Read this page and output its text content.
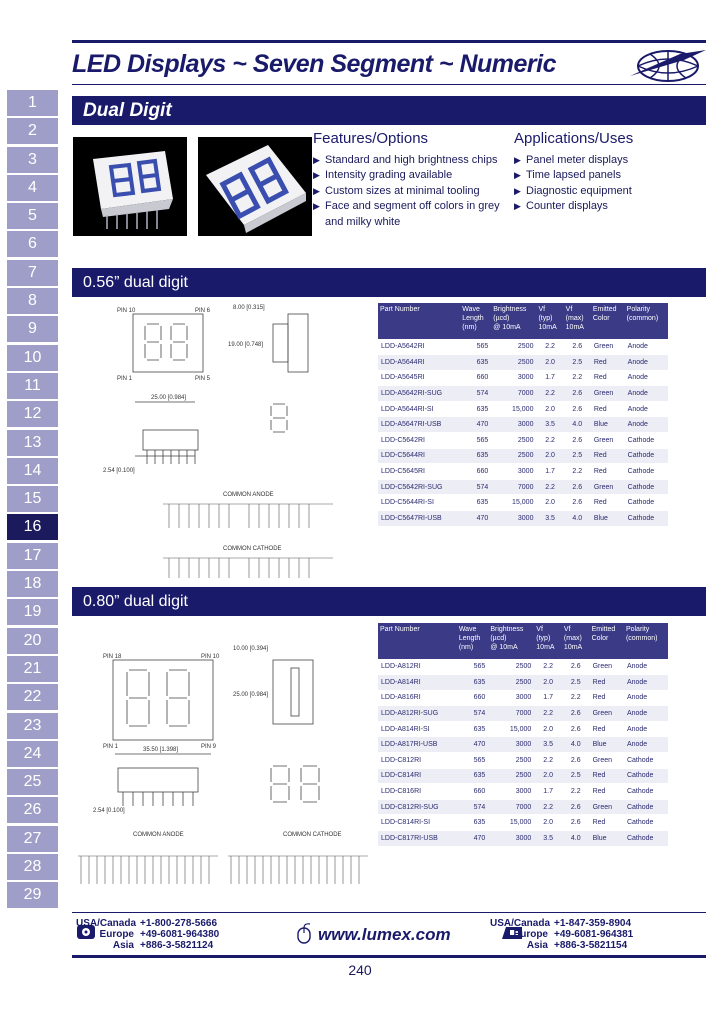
LED Displays ~ Seven Segment ~ Numeric
1
2
3
4
5
6
7
8
9
10
11
12
13
14
15
16
17
18
19
20
21
22
23
24
25
26
27
28
29
Dual Digit
0.56” dual digit
0.80” dual digit
Features/Options
▶ Standard and high brightness chips
▶ Intensity grading available
▶ Custom sizes at minimal tooling
▶ Face and segment off colors in grey
and milky white
Applications/Uses
▶ Panel meter displays
▶ Time lapsed panels
▶ Diagnostic equipment
▶ Counter displays
PIN 10	PIN 6
PIN 1	PIN 5
25.00 [0.984]
19.00 [0.748]
8.00 [0.315]
2.54 [0.100]
COMMON ANODE
COMMON CATHODE
Part Number	Wave
Length
(nm)	Brightness
(µcd)
@ 10mA	Vf
(typ)
10mA	Vf
(max)
10mA	Emitted
Color	Polarity
(common)
LDD-A5642RI	565	2500	2.2	2.6	Green	Anode
LDD-A5644RI	635	2500	2.0	2.5	Red	Anode
LDD-A5645RI	660	3000	1.7	2.2	Red	Anode
LDD-A5642RI-SUG	574	7000	2.2	2.6	Green	Anode
LDD-A5644RI-SI	635	15,000	2.0	2.6	Red	Anode
LDD-A5647RI-USB	470	3000	3.5	4.0	Blue	Anode
LDD-C5642RI	565	2500	2.2	2.6	Green	Cathode
LDD-C5644RI	635	2500	2.0	2.5	Red	Cathode
LDD-C5645RI	660	3000	1.7	2.2	Red	Cathode
LDD-C5642RI-SUG	574	7000	2.2	2.6	Green	Cathode
LDD-C5644RI-SI	635	15,000	2.0	2.6	Red	Cathode
LDD-C5647RI-USB	470	3000	3.5	4.0	Blue	Cathode
PIN 18	PIN 10
PIN 1	PIN 9
35.50 [1.398]
25.00 [0.984]
10.00 [0.394]
2.54 [0.100]
COMMON ANODE	COMMON CATHODE
Part Number	Wave
Length
(nm)	Brightness
(µcd)
@ 10mA	Vf
(typ)
10mA	Vf
(max)
10mA	Emitted
Color	Polarity
(common)
LDD-A812RI	565	2500	2.2	2.6	Green	Anode
LDD-A814RI	635	2500	2.0	2.5	Red	Anode
LDD-A816RI	660	3000	1.7	2.2	Red	Anode
LDD-A812RI-SUG	574	7000	2.2	2.6	Green	Anode
LDD-A814RI-SI	635	15,000	2.0	2.6	Red	Anode
LDD-A817RI-USB	470	3000	3.5	4.0	Blue	Anode
LDD-C812RI	565	2500	2.2	2.6	Green	Cathode
LDD-C814RI	635	2500	2.0	2.5	Red	Cathode
LDD-C816RI	660	3000	1.7	2.2	Red	Cathode
LDD-C812RI-SUG	574	7000	2.2	2.6	Green	Cathode
LDD-C814RI-SI	635	15,000	2.0	2.6	Red	Cathode
LDD-C817RI-USB	470	3000	3.5	4.0	Blue	Cathode
USA/Canada +1-800-278-5666
Europe +49-6081-964380
Asia +886-3-5821124
www.lumex.com
USA/Canada +1-847-359-8904
Europe +49-6081-964381
Asia +886-3-5821154
240
